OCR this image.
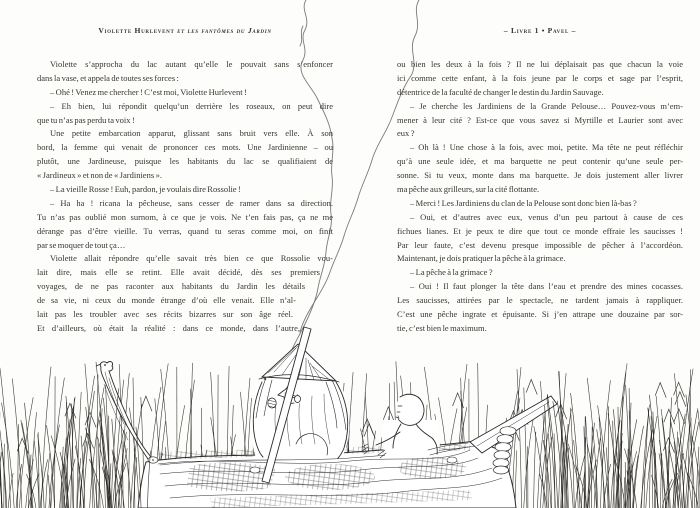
Violette Hurlevent et les fantômes du Jardin
Violette s’approcha du lac autant qu’elle le pouvait sans s’enfoncer
dans la vase, et appela de toutes ses forces :
– Ohé ! Venez me chercher ! C’est moi, Violette Hurlevent !
– Eh bien, lui répondit quelqu’un derrière les roseaux, on peut dire
que tu n’as pas perdu ta voix !
Une petite embarcation apparut, glissant sans bruit vers elle. À son
bord, la femme qui venait de prononcer ces mots. Une Jardinienne – ou
plutôt, une Jardineuse, puisque les habitants du lac se qualifiaient de
« Jardineux » et non de « Jardiniens ».
– La vieille Rosse ! Euh, pardon, je voulais dire Rossolie !
– Ha ha ! ricana la pêcheuse, sans cesser de ramer dans sa direction.
Tu n’as pas oublié mon surnom, à ce que je vois. Ne t’en fais pas, ça ne me
dérange pas d’être vieille. Tu verras, quand tu seras comme moi, on finit
par se moquer de tout ça…
Violette allait répondre qu’elle savait très bien ce que Rossolie vou-
lait dire, mais elle se retint. Elle avait décidé, dès ses premiers
voyages, de ne pas raconter aux habitants du Jardin les détails
de sa vie, ni ceux du monde étrange d’où elle venait. Elle n’al-
lait pas les troubler avec ses récits bizarres sur son âge réel.
Et d’ailleurs, où était la réalité : dans ce monde, dans l’autre,
– Livre 1 • Pavel –
ou bien les deux à la fois ? Il ne lui déplaisait pas que chacun la voie
ici comme cette enfant, à la fois jeune par le corps et sage par l’esprit,
détentrice de la faculté de changer le destin du Jardin Sauvage.
– Je cherche les Jardiniens de la Grande Pelouse… Pouvez-vous m’em-
mener à leur cité ? Est-ce que vous savez si Myrtille et Laurier sont avec
eux ?
– Oh là ! Une chose à la fois, avec moi, petite. Ma tête ne peut réfléchir
qu’à une seule idée, et ma barquette ne peut contenir qu’une seule per-
sonne. Si tu veux, monte dans ma barquette. Je dois justement aller livrer
ma pêche aux grilleurs, sur la cité flottante.
– Merci ! Les Jardiniens du clan de la Pelouse sont donc bien là-bas ?
– Oui, et d’autres avec eux, venus d’un peu partout à cause de ces
fichues lianes. Et je peux te dire que tout ce monde effraie les saucisses !
Par leur faute, c’est devenu presque impossible de pêcher à l’accordéon.
Maintenant, je dois pratiquer la pêche à la grimace.
– La pêche à la grimace ?
– Oui ! Il faut plonger la tête dans l’eau et prendre des mines cocasses.
Les saucisses, attirées par le spectacle, ne tardent jamais à rappliquer.
C’est une pêche ingrate et épuisante. Si j’en attrape une douzaine par sor-
tie, c’est bien le maximum.
